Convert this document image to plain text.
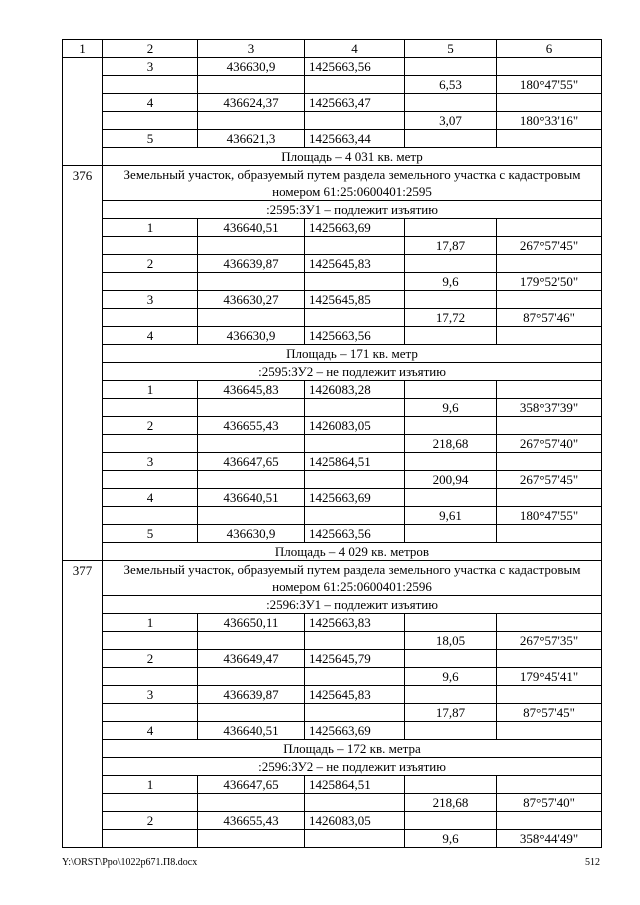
1	2	3	4	5	6
	3	436630,9	1425663,56		
				6,53	180°47'55"
	4	436624,37	1425663,47		
				3,07	180°33'16"
	5	436621,3	1425663,44		
	Площадь – 4 031 кв. метр				
376	Земельный участок, образуемый путем раздела земельного участка с кадастровым номером 61:25:0600401:2595				
	:2595:ЗУ1 – подлежит изъятию				
	1	436640,51	1425663,69		
				17,87	267°57'45"
	2	436639,87	1425645,83		
				9,6	179°52'50"
	3	436630,27	1425645,85		
				17,72	87°57'46"
	4	436630,9	1425663,56		
	Площадь – 171 кв. метр				
	:2595:ЗУ2 – не подлежит изъятию				
	1	436645,83	1426083,28		
				9,6	358°37'39"
	2	436655,43	1426083,05		
				218,68	267°57'40"
	3	436647,65	1425864,51		
				200,94	267°57'45"
	4	436640,51	1425663,69		
				9,61	180°47'55"
	5	436630,9	1425663,56		
	Площадь – 4 029 кв. метров				
377	Земельный участок, образуемый путем раздела земельного участка с кадастровым номером 61:25:0600401:2596				
	:2596:ЗУ1 – подлежит изъятию				
	1	436650,11	1425663,83		
				18,05	267°57'35"
	2	436649,47	1425645,79		
				9,6	179°45'41"
	3	436639,87	1425645,83		
				17,87	87°57'45"
	4	436640,51	1425663,69		
	Площадь – 172 кв. метра				
	:2596:ЗУ2 – не подлежит изъятию				
	1	436647,65	1425864,51		
				218,68	87°57'40"
	2	436655,43	1426083,05		
				9,6	358°44'49"
Y:\ORST\Ppo\1022p671.П8.docx	512
